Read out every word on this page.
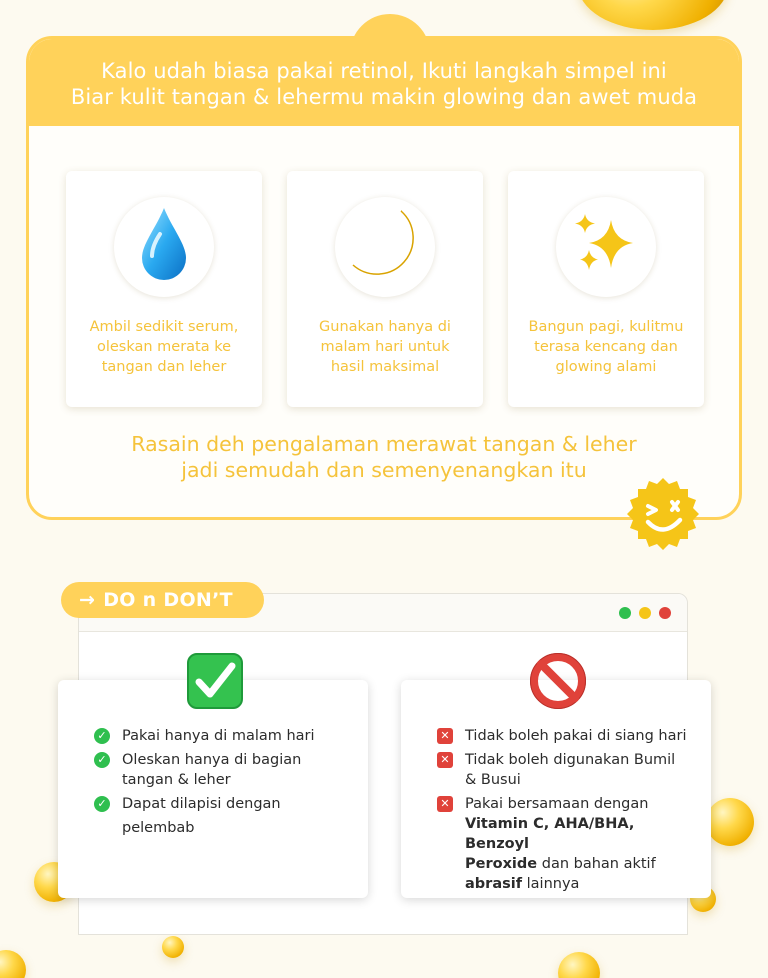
Kalo udah biasa pakai retinol, Ikuti langkah simpel ini
Biar kulit tangan & lehermu makin glowing dan awet muda
Ambil sedikit serum,
oleskan merata ke
tangan dan leher
Gunakan hanya di
malam hari untuk
hasil maksimal
Bangun pagi, kulitmu
terasa kencang dan
glowing alami
Rasain deh pengalaman merawat tangan & leher
jadi semudah dan semenyenangkan itu
→ DO n DON’T
✓ Pakai hanya di malam hari
✓ Oleskan hanya di bagian
tangan & leher
✓ Dapat dilapisi dengan
pelembab
✕ Tidak boleh pakai di siang hari
✕ Tidak boleh digunakan Bumil
& Busui
✕ Pakai bersamaan dengan
Vitamin C, AHA/BHA, Benzoyl
Peroxide dan bahan aktif
abrasif lainnya
